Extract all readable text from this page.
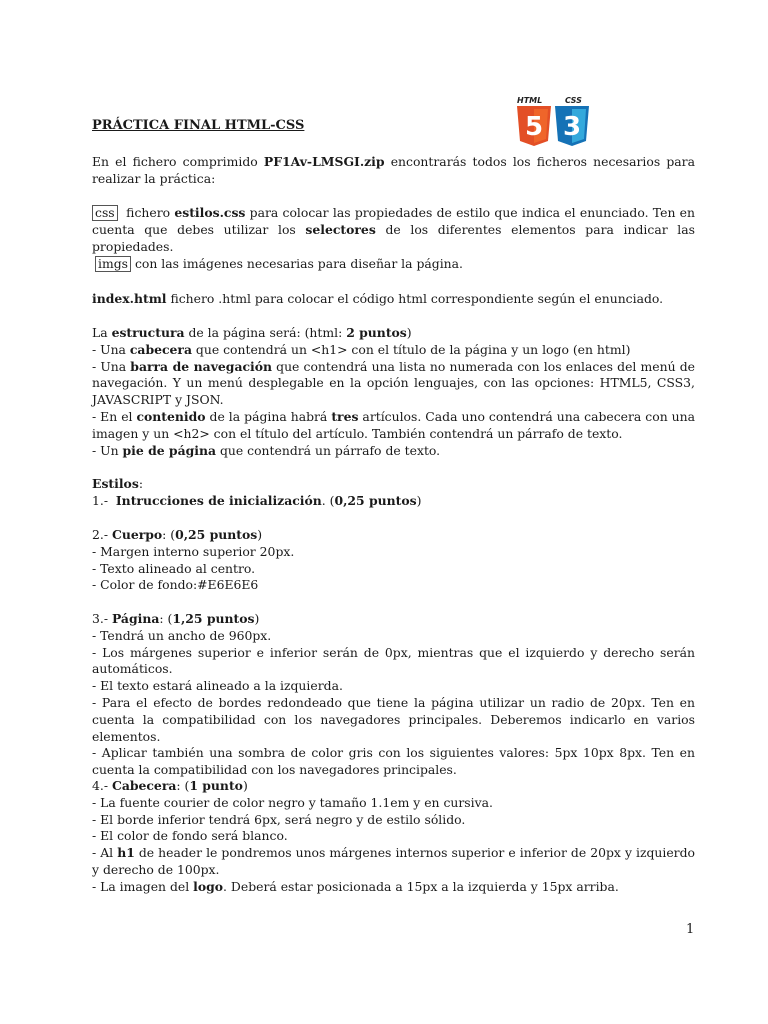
HTML	CSS
5 3
PRÁCTICA FINAL HTML-CSS
En el fichero comprimido PF1Av-LMSGI.zip encontrarás todos los ficheros necesarios para realizar la práctica:
css  fichero estilos.css para colocar las propiedades de estilo que indica el enunciado. Ten en cuenta que debes utilizar los selectores de los diferentes elementos para indicar las propiedades.
imgs con las imágenes necesarias para diseñar la página.
index.html fichero .html para colocar el código html correspondiente según el enunciado.
La estructura de la página será: (html: 2 puntos)
- Una cabecera que contendrá un <h1> con el título de la página y un logo (en html)
- Una barra de navegación que contendrá una lista no numerada con los enlaces del menú de navegación. Y un menú desplegable en la opción lenguajes, con las opciones: HTML5, CSS3, JAVASCRIPT y JSON.
- En el contenido de la página habrá tres artículos. Cada uno contendrá una cabecera con una imagen y un <h2> con el título del artículo. También contendrá un párrafo de texto.
- Un pie de página que contendrá un párrafo de texto.
Estilos:
1.-  Intrucciones de inicialización. (0,25 puntos)
2.- Cuerpo: (0,25 puntos)
- Margen interno superior 20px.
- Texto alineado al centro.
- Color de fondo:#E6E6E6
3.- Página: (1,25 puntos)
- Tendrá un ancho de 960px.
- Los márgenes superior e inferior serán de 0px, mientras que el izquierdo y derecho serán automáticos.
- El texto estará alineado a la izquierda.
- Para el efecto de bordes redondeado que tiene la página utilizar un radio de 20px. Ten en cuenta la compatibilidad con los navegadores principales. Deberemos indicarlo en varios elementos.
- Aplicar también una sombra de color gris con los siguientes valores: 5px 10px 8px. Ten en cuenta la compatibilidad con los navegadores principales.
4.- Cabecera: (1 punto)
- La fuente courier de color negro y tamaño 1.1em y en cursiva.
- El borde inferior tendrá 6px, será negro y de estilo sólido.
- El color de fondo será blanco.
- Al h1 de header le pondremos unos márgenes internos superior e inferior de 20px y izquierdo y derecho de 100px.
- La imagen del logo. Deberá estar posicionada a 15px a la izquierda y 15px arriba.
1
